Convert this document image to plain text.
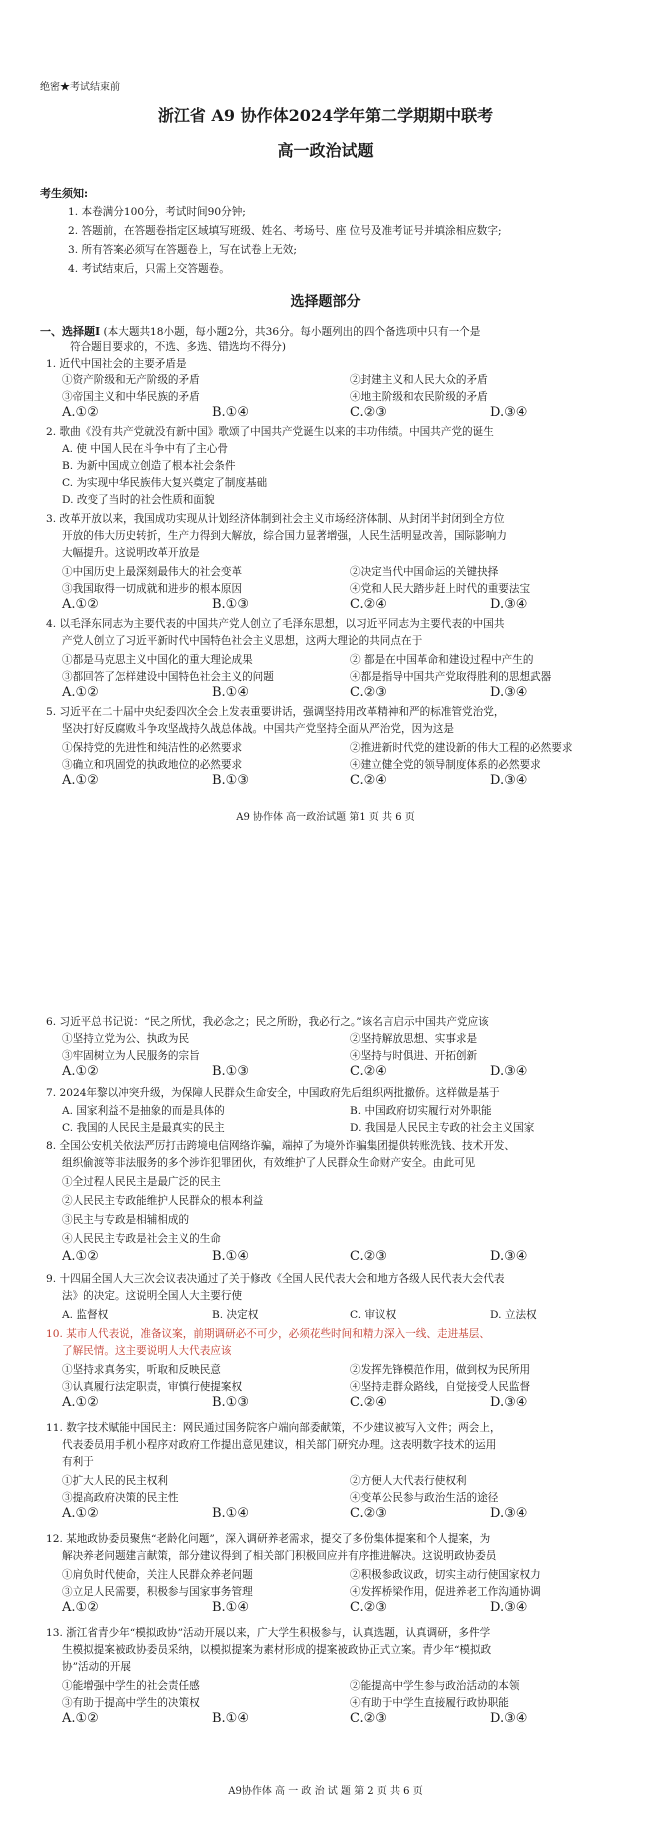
绝密★考试结束前
浙江省 A9 协作体2024学年第二学期期中联考
高一政治试题
考生须知:
1. 本卷满分100分，考试时间90分钟;
2. 答题前，在答题卷指定区域填写班级、姓名、考场号、座 位号及准考证号并填涂相应数字;
3. 所有答案必须写在答题卷上，写在试卷上无效;
4. 考试结束后，只需上交答题卷。
选择题部分
一、选择题Ⅰ (本大题共18小题，每小题2分，共36分。每小题列出的四个备选项中只有一个是
符合题目要求的，不选、多选、错选均不得分)
1. 近代中国社会的主要矛盾是
①资产阶级和无产阶级的矛盾	②封建主义和人民大众的矛盾
③帝国主义和中华民族的矛盾	④地主阶级和农民阶级的矛盾
A.①②	B.①④	C.②③	D.③④
2. 歌曲《没有共产党就没有新中国》歌颂了中国共产党诞生以来的丰功伟绩。中国共产党的诞生
A. 使 中国人民在斗争中有了主心骨
B. 为新中国成立创造了根本社会条件
C. 为实现中华民族伟大复兴奠定了制度基础
D. 改变了当时的社会性质和面貌
3. 改革开放以来，我国成功实现从计划经济体制到社会主义市场经济体制、从封闭半封闭到全方位
开放的伟大历史转折，生产力得到大解放，综合国力显著增强，人民生活明显改善，国际影响力
大幅提升。这说明改革开放是
①中国历史上最深刻最伟大的社会变革	②决定当代中国命运的关键抉择
③我国取得一切成就和进步的根本原因	④党和人民大踏步赶上时代的重要法宝
A.①②	B.①③	C.②④	D.③④
4. 以毛泽东同志为主要代表的中国共产党人创立了毛泽东思想，以习近平同志为主要代表的中国共
产党人创立了习近平新时代中国特色社会主义思想，这两大理论的共同点在于
①都是马克思主义中国化的重大理论成果	② 都是在中国革命和建设过程中产生的
③都回答了怎样建设中国特色社会主义的问题	④都是指导中国共产党取得胜利的思想武器
A.①②	B.①④	C.②③	D.③④
5. 习近平在二十届中央纪委四次全会上发表重要讲话，强调坚持用改革精神和严的标准管党治党，
坚决打好反腐败斗争攻坚战持久战总体战。中国共产党坚持全面从严治党，因为这是
①保持党的先进性和纯洁性的必然要求	②推进新时代党的建设新的伟大工程的必然要求
③确立和巩固党的执政地位的必然要求	④建立健全党的领导制度体系的必然要求
A.①②	B.①③	C.②④	D.③④
A9 协作体 高一政治试题 第1 页 共 6 页
6. 习近平总书记说：“民之所忧，我必念之；民之所盼，我必行之。”该名言启示中国共产党应该
①坚持立党为公、执政为民	②坚持解放思想、实事求是
③牢固树立为人民服务的宗旨	④坚持与时俱进、开拓创新
A.①②	B.①③	C.②④	D.③④
7. 2024年黎以冲突升级，为保障人民群众生命安全，中国政府先后组织两批撤侨。这样做是基于
A. 国家利益不是抽象的而是具体的	B. 中国政府切实履行对外职能
C. 我国的人民民主是最真实的民主	D. 我国是人民民主专政的社会主义国家
8. 全国公安机关依法严厉打击跨境电信网络诈骗，端掉了为境外诈骗集团提供转账洗钱、技术开发、
组织偷渡等非法服务的多个涉诈犯罪团伙，有效维护了人民群众生命财产安全。由此可见
①全过程人民民主是最广泛的民主
②人民民主专政能维护人民群众的根本利益
③民主与专政是相辅相成的
④人民民主专政是社会主义的生命
A.①②	B.①④	C.②③	D.③④
9. 十四届全国人大三次会议表决通过了关于修改《全国人民代表大会和地方各级人民代表大会代表
法》的决定。这说明全国人大主要行使
A. 监督权	B. 决定权	C. 审议权	D. 立法权
10. 某市人代表说，准备议案，前期调研必不可少，必须花些时间和精力深入一线、走进基层、
了解民情。这主要说明人大代表应该
①坚持求真务实，听取和反映民意	②发挥先锋模范作用，做到权为民所用
③认真履行法定职责，审慎行使提案权	④坚持走群众路线，自觉接受人民监督
A.①②	B.①③	C.②④	D.③④
11. 数字技术赋能中国民主：网民通过国务院客户端向部委献策，不少建议被写入文件；两会上，
代表委员用手机小程序对政府工作提出意见建议，相关部门研究办理。这表明数字技术的运用
有利于
①扩大人民的民主权利	②方便人大代表行使权利
③提高政府决策的民主性	④变革公民参与政治生活的途径
A.①②	B.①④	C.②③	D.③④
12. 某地政协委员聚焦“老龄化问题”，深入调研养老需求，提交了多份集体提案和个人提案，为
解决养老问题建言献策，部分建议得到了相关部门积极回应并有序推进解决。这说明政协委员
①肩负时代使命，关注人民群众养老问题	②积极参政议政，切实主动行使国家权力
③立足人民需要，积极参与国家事务管理	④发挥桥梁作用，促进养老工作沟通协调
A.①②	B.①④	C.②③	D.③④
13. 浙江省青少年“模拟政协”活动开展以来，广大学生积极参与，认真选题，认真调研，多件学
生模拟提案被政协委员采纳，以模拟提案为素材形成的提案被政协正式立案。青少年“模拟政
协”活动的开展
①能增强中学生的社会责任感	②能提高中学生参与政治活动的本领
③有助于提高中学生的决策权	④有助于中学生直接履行政协职能
A.①②	B.①④	C.②③	D.③④
A9协作体 高 一 政 治 试 题 第 2 页 共 6 页
